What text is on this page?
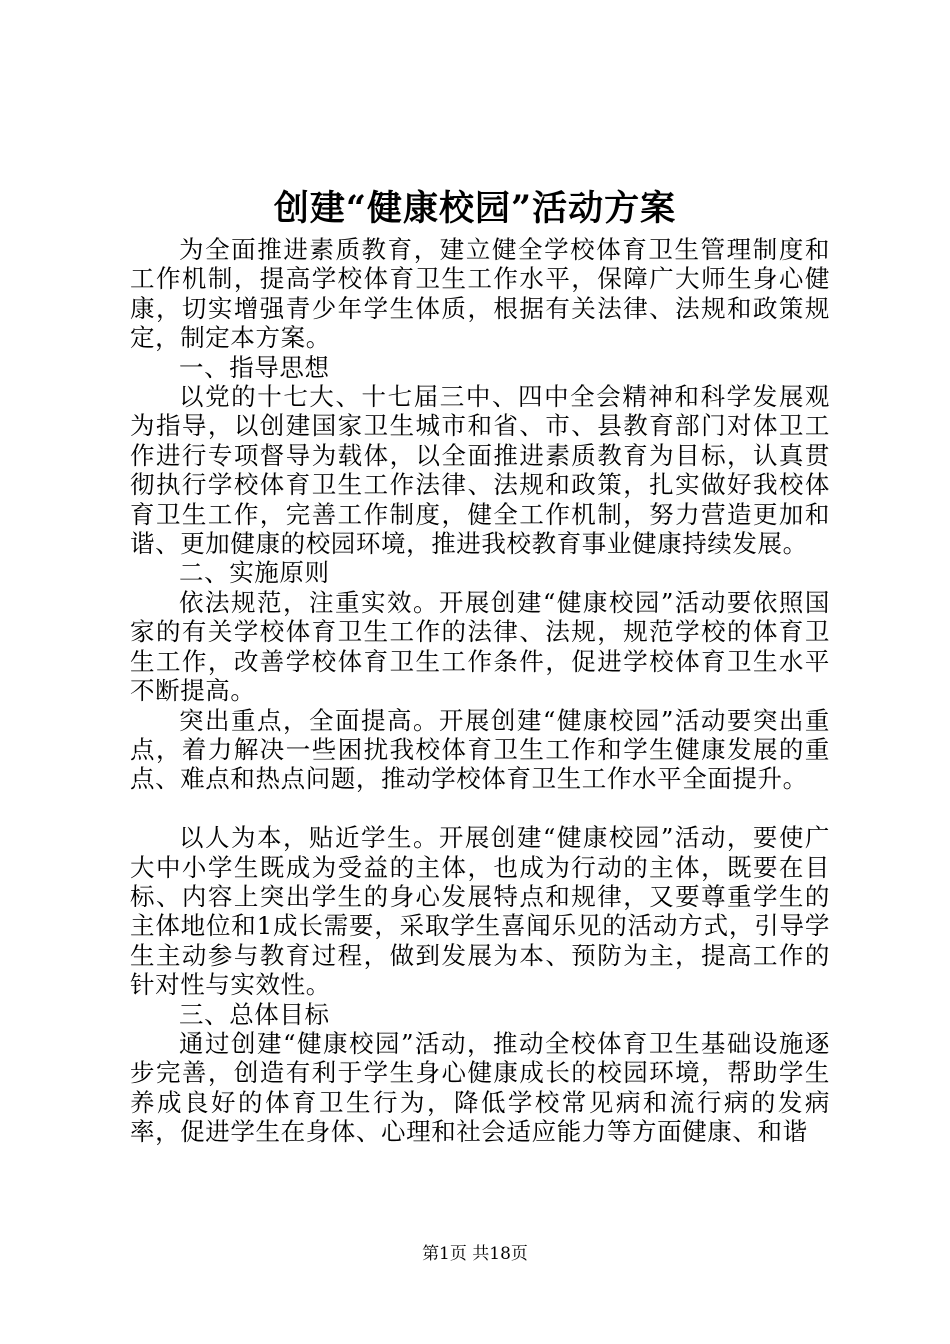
创建“健康校园”活动方案

为全面推进素质教育，建立健全学校体育卫生管理制度和工作机制，提高学校体育卫生工作水平，保障广大师生身心健康，切实增强青少年学生体质，根据有关法律、法规和政策规定，制定本方案。

一、指导思想

以党的十七大、十七届三中、四中全会精神和科学发展观为指导，以创建国家卫生城市和省、市、县教育部门对体卫工作进行专项督导为载体，以全面推进素质教育为目标，认真贯彻执行学校体育卫生工作法律、法规和政策，扎实做好我校体育卫生工作，完善工作制度，健全工作机制，努力营造更加和谐、更加健康的校园环境，推进我校教育事业健康持续发展。

二、实施原则

依法规范，注重实效。开展创建“健康校园”活动要依照国家的有关学校体育卫生工作的法律、法规，规范学校的体育卫生工作，改善学校体育卫生工作条件，促进学校体育卫生水平不断提高。

突出重点，全面提高。开展创建“健康校园”活动要突出重点，着力解决一些困扰我校体育卫生工作和学生健康发展的重点、难点和热点问题，推动学校体育卫生工作水平全面提升。

以人为本，贴近学生。开展创建“健康校园”活动，要使广大中小学生既成为受益的主体，也成为行动的主体，既要在目标、内容上突出学生的身心发展特点和规律，又要尊重学生的主体地位和1成长需要，采取学生喜闻乐见的活动方式，引导学生主动参与教育过程，做到发展为本、预防为主，提高工作的针对性与实效性。

三、总体目标

通过创建“健康校园”活动，推动全校体育卫生基础设施逐步完善，创造有利于学生身心健康成长的校园环境，帮助学生养成良好的体育卫生行为，降低学校常见病和流行病的发病率，促进学生在身体、心理和社会适应能力等方面健康、和谐

第1页 共18页
